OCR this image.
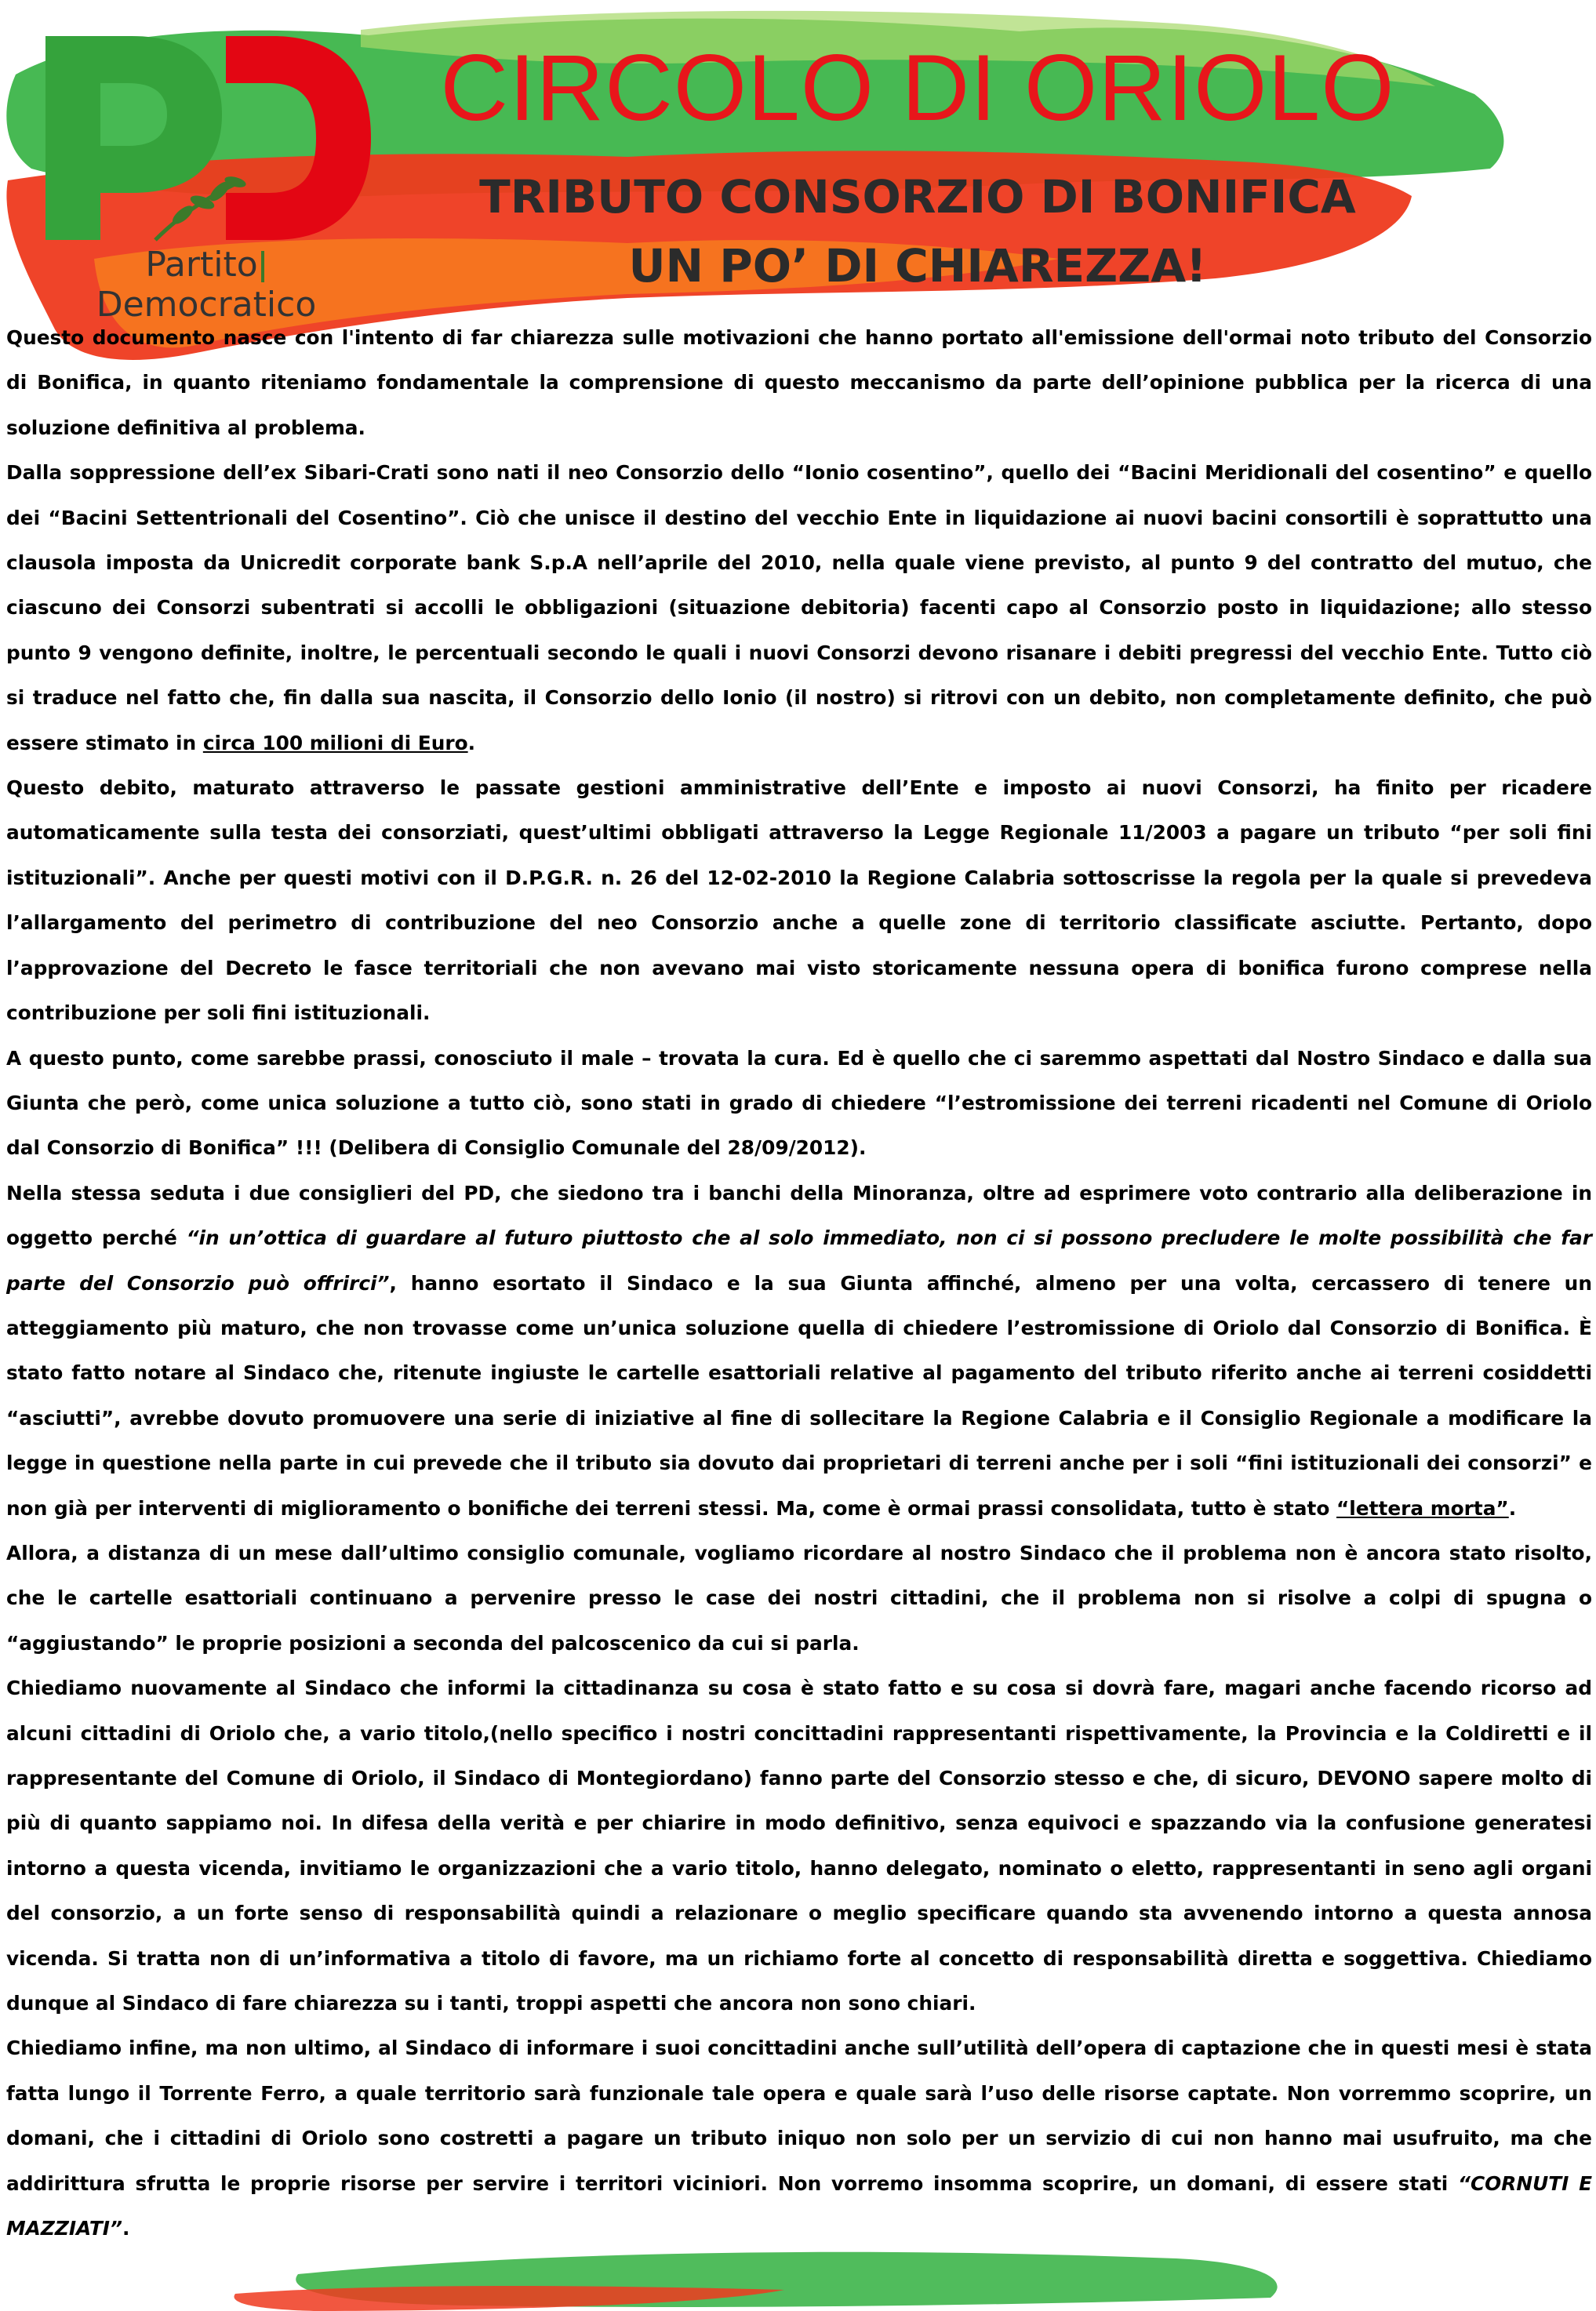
PartitoDemocratico
CIRCOLO DI ORIOLO
TRIBUTO CONSORZIO DI BONIFICA
UN PO’ DI CHIAREZZA!

Questo documento nasce con l'intento di far chiarezza sulle motivazioni che hanno portato all'emissione dell'ormai noto tributo del Consorzio di Bonifica, in quanto riteniamo fondamentale la comprensione di questo meccanismo da parte dell’opinione pubblica per la ricerca di una soluzione definitiva al problema.

Dalla soppressione dell’ex Sibari-Crati sono nati il neo Consorzio dello “Ionio cosentino”, quello dei “Bacini Meridionali del cosentino” e quello dei “Bacini Settentrionali del Cosentino”. Ciò che unisce il destino del vecchio Ente in liquidazione ai nuovi bacini consortili è soprattutto una clausola imposta da Unicredit corporate bank S.p.A nell’aprile del 2010, nella quale viene previsto, al punto 9 del contratto del mutuo, che ciascuno dei Consorzi subentrati si accolli le obbligazioni (situazione debitoria) facenti capo al Consorzio posto in liquidazione; allo stesso punto 9 vengono definite, inoltre, le percentuali secondo le quali i nuovi Consorzi devono risanare i debiti pregressi del vecchio Ente. Tutto ciò si traduce nel fatto che, fin dalla sua nascita, il Consorzio dello Ionio (il nostro) si ritrovi con un debito, non completamente definito, che può essere stimato in circa 100 milioni di Euro.

Questo debito, maturato attraverso le passate gestioni amministrative dell’Ente e imposto ai nuovi Consorzi, ha finito per ricadere automaticamente sulla testa dei consorziati, quest’ultimi obbligati attraverso la Legge Regionale 11/2003 a pagare un tributo “per soli fini istituzionali”. Anche per questi motivi con il D.P.G.R. n. 26 del 12-02-2010 la Regione Calabria sottoscrisse la regola per la quale si prevedeva l’allargamento del perimetro di contribuzione del neo Consorzio anche a quelle zone di territorio classificate asciutte. Pertanto, dopo l’approvazione del Decreto le fasce territoriali che non avevano mai visto storicamente nessuna opera di bonifica furono comprese nella contribuzione per soli fini istituzionali.

A questo punto, come sarebbe prassi, conosciuto il male – trovata la cura. Ed è quello che ci saremmo aspettati dal Nostro Sindaco e dalla sua Giunta che però, come unica soluzione a tutto ciò, sono stati in grado di chiedere “l’estromissione dei terreni ricadenti nel Comune di Oriolo dal Consorzio di Bonifica” !!! (Delibera di Consiglio Comunale del 28/09/2012).

Nella stessa seduta i due consiglieri del PD, che siedono tra i banchi della Minoranza, oltre ad esprimere voto contrario alla deliberazione in oggetto perché “in un’ottica di guardare al futuro piuttosto che al solo immediato, non ci si possono precludere le molte possibilità che far parte del Consorzio può offrirci”, hanno esortato il Sindaco e la sua Giunta affinché, almeno per una volta, cercassero di tenere un atteggiamento più maturo, che non trovasse come un’unica soluzione quella di chiedere l’estromissione di Oriolo dal Consorzio di Bonifica. È stato fatto notare al Sindaco che, ritenute ingiuste le cartelle esattoriali relative al pagamento del tributo riferito anche ai terreni cosiddetti “asciutti”, avrebbe dovuto promuovere una serie di iniziative al fine di sollecitare la Regione Calabria e il Consiglio Regionale a modificare la legge in questione nella parte in cui prevede che il tributo sia dovuto dai proprietari di terreni anche per i soli “fini istituzionali dei consorzi” e non già per interventi di miglioramento o bonifiche dei terreni stessi. Ma, come è ormai prassi consolidata, tutto è stato “lettera morta”.

Allora, a distanza di un mese dall’ultimo consiglio comunale, vogliamo ricordare al nostro Sindaco che il problema non è ancora stato risolto, che le cartelle esattoriali continuano a pervenire presso le case dei nostri cittadini, che il problema non si risolve a colpi di spugna o “aggiustando” le proprie posizioni a seconda del palcoscenico da cui si parla.

Chiediamo nuovamente al Sindaco che informi la cittadinanza su cosa è stato fatto e su cosa si dovrà fare, magari anche facendo ricorso ad alcuni cittadini di Oriolo che, a vario titolo,(nello specifico i nostri concittadini rappresentanti rispettivamente, la Provincia e la Coldiretti e il rappresentante del Comune di Oriolo, il Sindaco di Montegiordano) fanno parte del Consorzio stesso e che, di sicuro, DEVONO sapere molto di più di quanto sappiamo noi. In difesa della verità e per chiarire in modo definitivo, senza equivoci e spazzando via la confusione generatesi intorno a questa vicenda, invitiamo le organizzazioni che a vario titolo, hanno delegato, nominato o eletto, rappresentanti in seno agli organi del consorzio, a un forte senso di responsabilità quindi a relazionare o meglio specificare quando sta avvenendo intorno a questa annosa vicenda. Si tratta non di un’informativa a titolo di favore, ma un richiamo forte al concetto di responsabilità diretta e soggettiva. Chiediamo dunque al Sindaco di fare chiarezza su i tanti, troppi aspetti che ancora non sono chiari.

Chiediamo infine, ma non ultimo, al Sindaco di informare i suoi concittadini anche sull’utilità dell’opera di captazione che in questi mesi è stata fatta lungo il Torrente Ferro, a quale territorio sarà funzionale tale opera e quale sarà l’uso delle risorse captate. Non vorremmo scoprire, un domani, che i cittadini di Oriolo sono costretti a pagare un tributo iniquo non solo per un servizio di cui non hanno mai usufruito, ma che addirittura sfrutta le proprie risorse per servire i territori viciniori. Non vorremo insomma scoprire, un domani, di essere stati “CORNUTI E MAZZIATI”.
